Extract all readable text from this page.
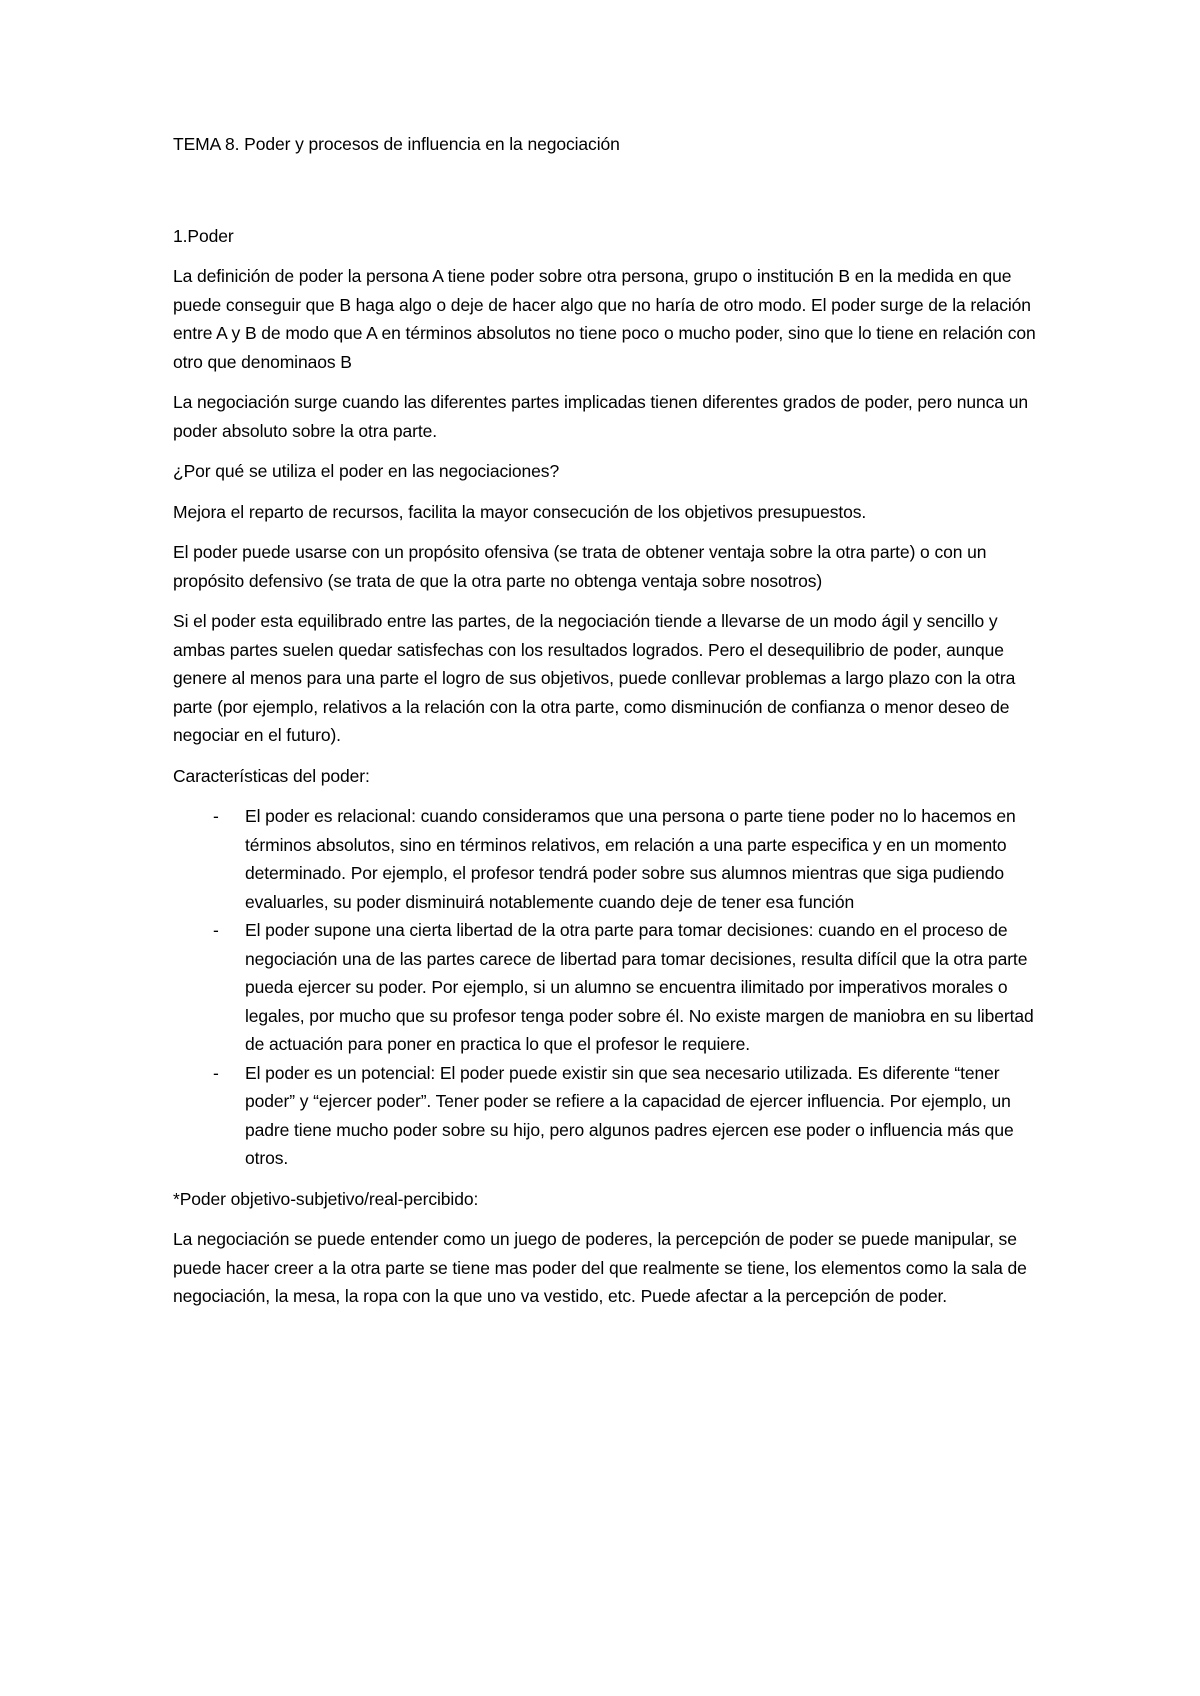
TEMA 8. Poder y procesos de influencia en la negociación

1.Poder

La definición de poder la persona A tiene poder sobre otra persona, grupo o institución B en la medida en que puede conseguir que B haga algo o deje de hacer algo que no haría de otro modo. El poder surge de la relación entre A y B de modo que A en términos absolutos no tiene poco o mucho poder, sino que lo tiene en relación con otro que denominaos B

La negociación surge cuando las diferentes partes implicadas tienen diferentes grados de poder, pero nunca un poder absoluto sobre la otra parte.

¿Por qué se utiliza el poder en las negociaciones?

Mejora el reparto de recursos, facilita la mayor consecución de los objetivos presupuestos.

El poder puede usarse con un propósito ofensiva (se trata de obtener ventaja sobre la otra parte) o con un propósito defensivo (se trata de que la otra parte no obtenga ventaja sobre nosotros)

Si el poder esta equilibrado entre las partes, de la negociación tiende a llevarse de un modo ágil y sencillo y ambas partes suelen quedar satisfechas con los resultados logrados. Pero el desequilibrio de poder, aunque genere al menos para una parte el logro de sus objetivos, puede conllevar problemas a largo plazo con la otra parte (por ejemplo, relativos a la relación con la otra parte, como disminución de confianza o menor deseo de negociar en el futuro).

Características del poder:

- El poder es relacional: cuando consideramos que una persona o parte tiene poder no lo hacemos en términos absolutos, sino en términos relativos, em relación a una parte especifica y en un momento determinado. Por ejemplo, el profesor tendrá poder sobre sus alumnos mientras que siga pudiendo evaluarles, su poder disminuirá notablemente cuando deje de tener esa función
- El poder supone una cierta libertad de la otra parte para tomar decisiones: cuando en el proceso de negociación una de las partes carece de libertad para tomar decisiones, resulta difícil que la otra parte pueda ejercer su poder. Por ejemplo, si un alumno se encuentra ilimitado por imperativos morales o legales, por mucho que su profesor tenga poder sobre él. No existe margen de maniobra en su libertad de actuación para poner en practica lo que el profesor le requiere.
- El poder es un potencial: El poder puede existir sin que sea necesario utilizada. Es diferente “tener poder” y “ejercer poder”. Tener poder se refiere a la capacidad de ejercer influencia. Por ejemplo, un padre tiene mucho poder sobre su hijo, pero algunos padres ejercen ese poder o influencia más que otros.

*Poder objetivo-subjetivo/real-percibido:

La negociación se puede entender como un juego de poderes, la percepción de poder se puede manipular, se puede hacer creer a la otra parte se tiene mas poder del que realmente se tiene, los elementos como la sala de negociación, la mesa, la ropa con la que uno va vestido, etc. Puede afectar a la percepción de poder.
